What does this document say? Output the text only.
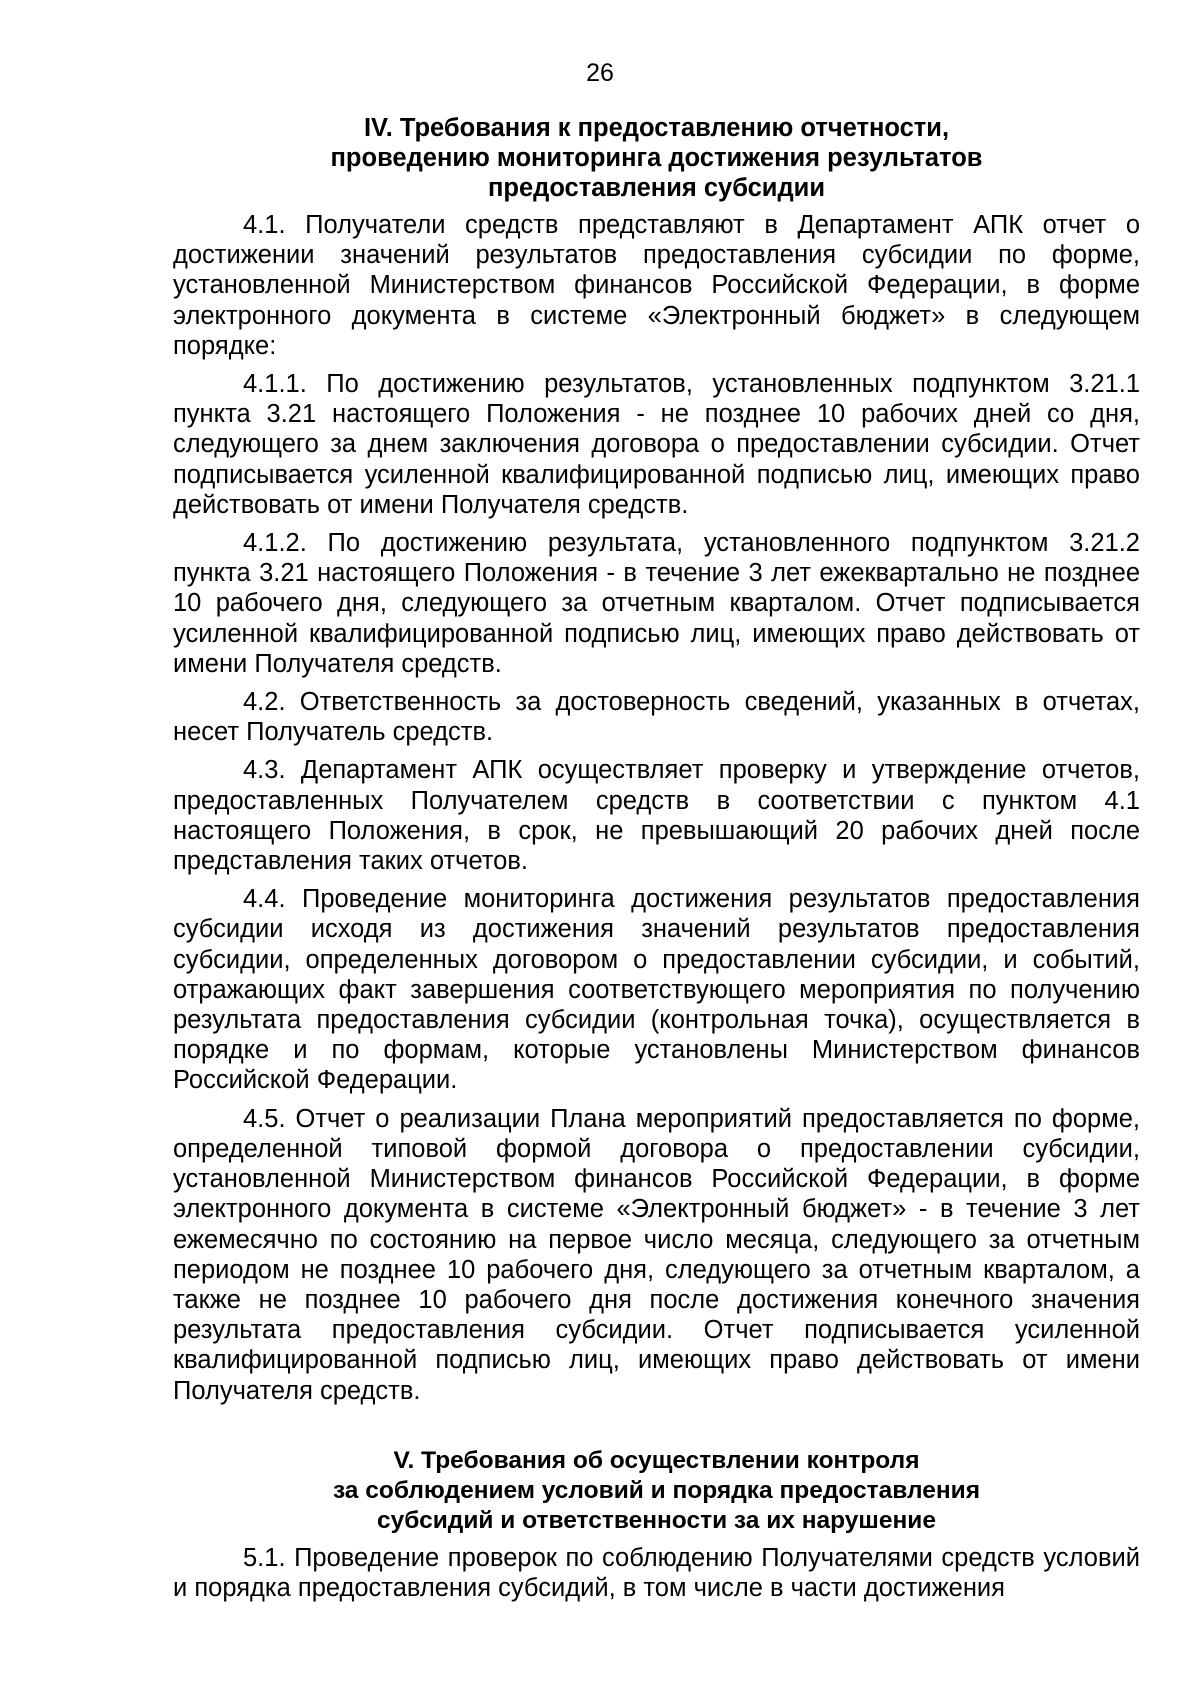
26
IV. Требования к предоставлению отчетности,
проведению мониторинга достижения результатов
предоставления субсидии

4.1. Получатели средств представляют в Департамент АПК отчет о достижении значений результатов предоставления субсидии по форме, установленной Министерством финансов Российской Федерации, в форме электронного документа в системе «Электронный бюджет» в следующем порядке:

4.1.1. По достижению результатов, установленных подпунктом 3.21.1 пункта 3.21 настоящего Положения - не позднее 10 рабочих дней со дня, следующего за днем заключения договора о предоставлении субсидии. Отчет подписывается усиленной квалифицированной подписью лиц, имеющих право действовать от имени Получателя средств.

4.1.2. По достижению результата, установленного подпунктом 3.21.2 пункта 3.21 настоящего Положения - в течение 3 лет ежеквартально не позднее 10 рабочего дня, следующего за отчетным кварталом. Отчет подписывается усиленной квалифицированной подписью лиц, имеющих право действовать от имени Получателя средств.

4.2. Ответственность за достоверность сведений, указанных в отчетах, несет Получатель средств.

4.3. Департамент АПК осуществляет проверку и утверждение отчетов, предоставленных Получателем средств в соответствии с пунктом 4.1 настоящего Положения, в срок, не превышающий 20 рабочих дней после представления таких отчетов.

4.4. Проведение мониторинга достижения результатов предоставления субсидии исходя из достижения значений результатов предоставления субсидии, определенных договором о предоставлении субсидии, и событий, отражающих факт завершения соответствующего мероприятия по получению результата предоставления субсидии (контрольная точка), осуществляется в порядке и по формам, которые установлены Министерством финансов Российской Федерации.

4.5. Отчет о реализации Плана мероприятий предоставляется по форме, определенной типовой формой договора о предоставлении субсидии, установленной Министерством финансов Российской Федерации, в форме электронного документа в системе «Электронный бюджет» - в течение 3 лет ежемесячно по состоянию на первое число месяца, следующего за отчетным периодом не позднее 10 рабочего дня, следующего за отчетным кварталом, а также не позднее 10 рабочего дня после достижения конечного значения результата предоставления субсидии. Отчет подписывается усиленной квалифицированной подписью лиц, имеющих право действовать от имени Получателя средств.

V. Требования об осуществлении контроля
за соблюдением условий и порядка предоставления
субсидий и ответственности за их нарушение

5.1. Проведение проверок по соблюдению Получателями средств условий и порядка предоставления субсидий, в том числе в части достижения
